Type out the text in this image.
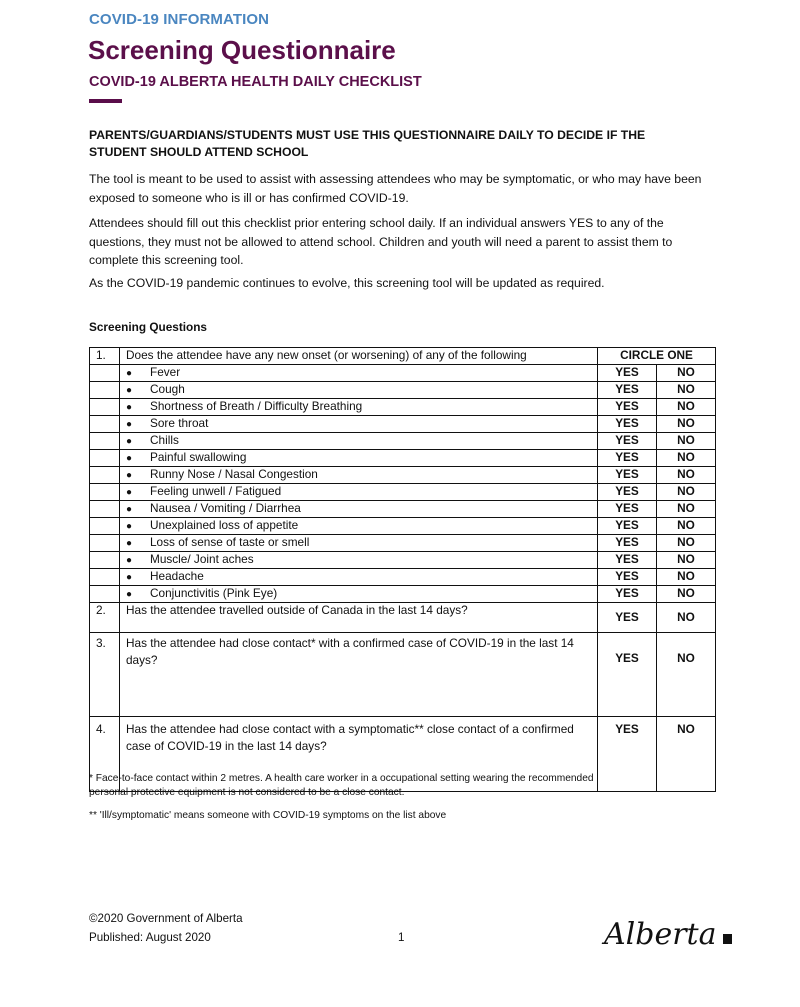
COVID-19 INFORMATION
Screening Questionnaire
COVID-19 ALBERTA HEALTH DAILY CHECKLIST
PARENTS/GUARDIANS/STUDENTS MUST USE THIS QUESTIONNAIRE DAILY TO DECIDE IF THE STUDENT SHOULD ATTEND SCHOOL
The tool is meant to be used to assist with assessing attendees who may be symptomatic, or who may have been exposed to someone who is ill or has confirmed COVID-19.
Attendees should fill out this checklist prior entering school daily. If an individual answers YES to any of the questions, they must not be allowed to attend school. Children and youth will need a parent to assist them to complete this screening tool.
As the COVID-19 pandemic continues to evolve, this screening tool will be updated as required.
Screening Questions
1.	Does the attendee have any new onset (or worsening) of any of the following	CIRCLE ONE	
	● Fever	YES	NO
	● Cough	YES	NO
	● Shortness of Breath / Difficulty Breathing	YES	NO
	● Sore throat	YES	NO
	● Chills	YES	NO
	● Painful swallowing	YES	NO
	● Runny Nose / Nasal Congestion	YES	NO
	● Feeling unwell / Fatigued	YES	NO
	● Nausea / Vomiting / Diarrhea	YES	NO
	● Unexplained loss of appetite	YES	NO
	● Loss of sense of taste or smell	YES	NO
	● Muscle/ Joint aches	YES	NO
	● Headache	YES	NO
	● Conjunctivitis (Pink Eye)	YES	NO
2.	Has the attendee travelled outside of Canada in the last 14 days?	YES	NO
3.	Has the attendee had close contact* with a confirmed case of COVID-19 in the last 14 days?	YES	NO
4.	Has the attendee had close contact with a symptomatic** close contact of a confirmed case of COVID-19 in the last 14 days?	YES	NO
* Face-to-face contact within 2 metres. A health care worker in a occupational setting wearing the recommended personal protective equipment is not considered to be a close contact.
** 'Ill/symptomatic' means someone with COVID-19 symptoms on the list above
©2020 Government of Alberta
Published: August 2020	1	Alberta
